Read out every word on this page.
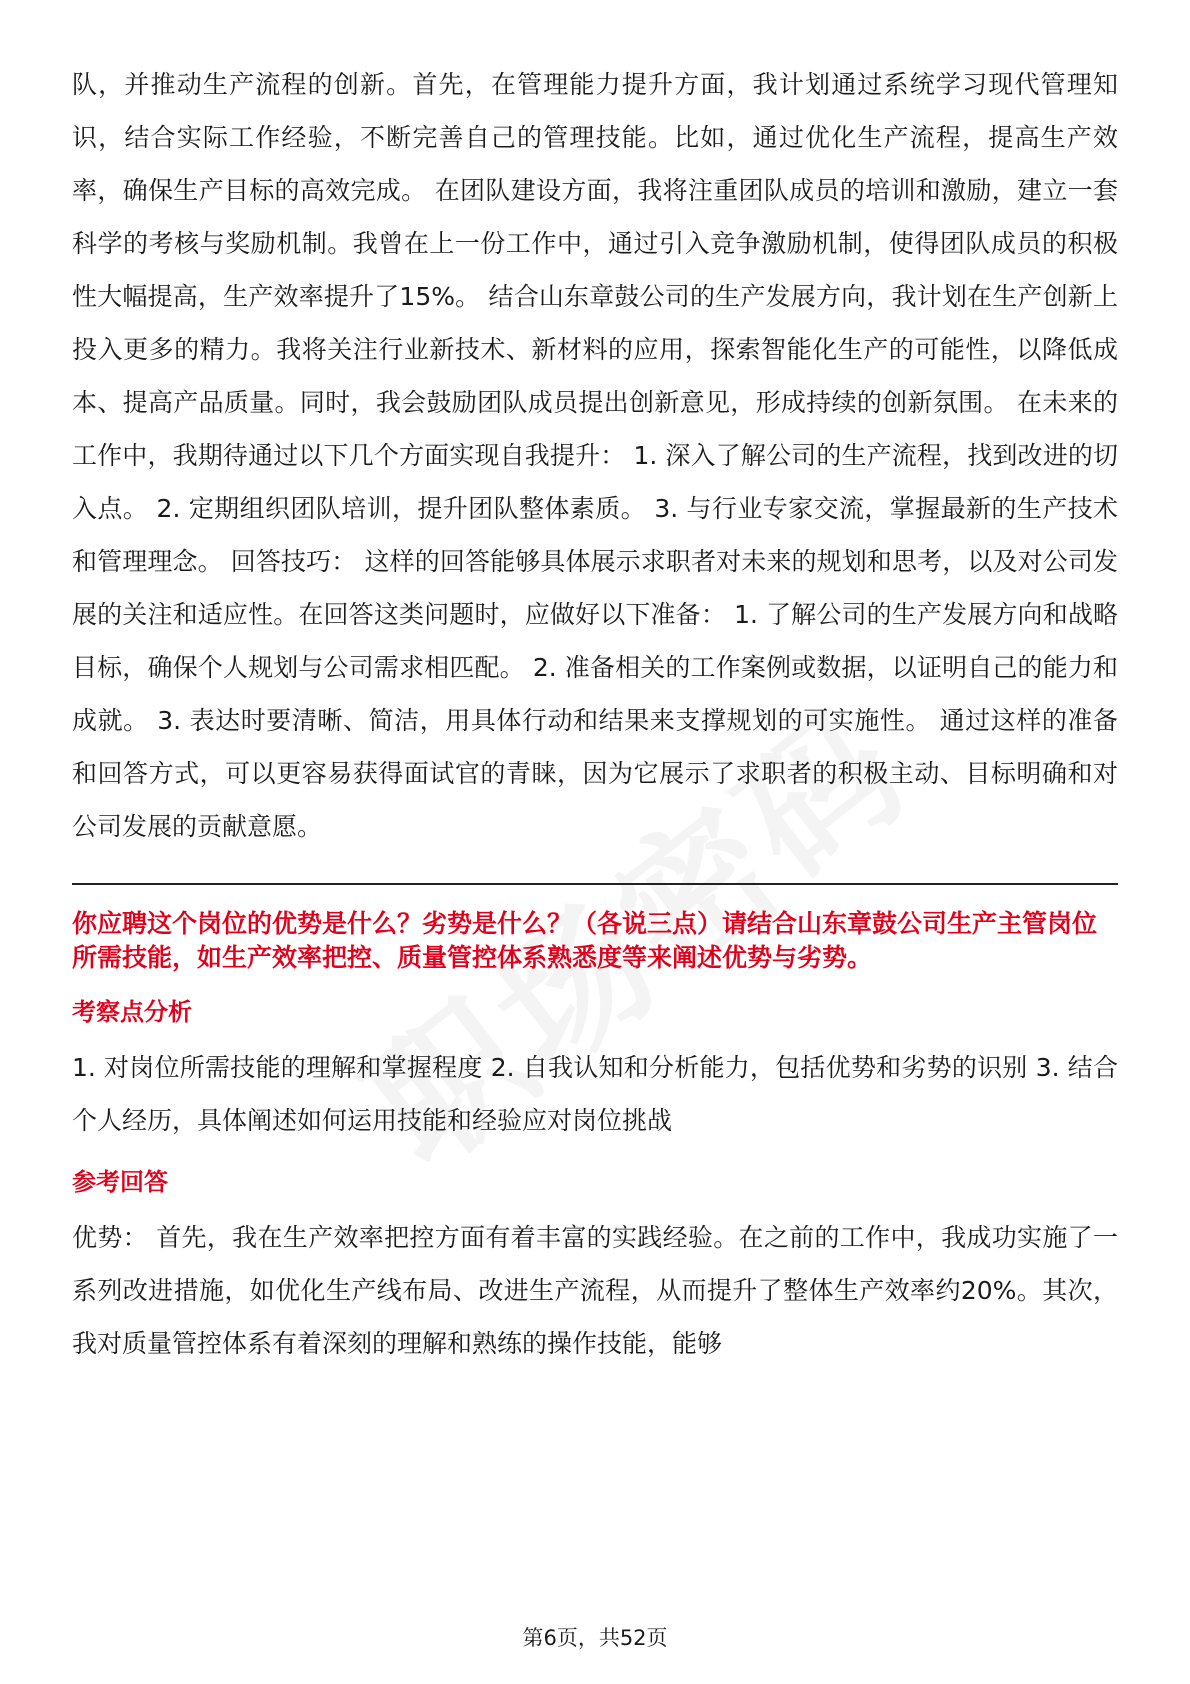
队，并推动生产流程的创新。首先，在管理能力提升方面，我计划通过系统学习现代管理知识，结合实际工作经验，不断完善自己的管理技能。比如，通过优化生产流程，提高生产效率，确保生产目标的高效完成。 在团队建设方面，我将注重团队成员的培训和激励，建立一套科学的考核与奖励机制。我曾在上一份工作中，通过引入竞争激励机制，使得团队成员的积极性大幅提高，生产效率提升了15%。 结合山东章鼓公司的生产发展方向，我计划在生产创新上投入更多的精力。我将关注行业新技术、新材料的应用，探索智能化生产的可能性，以降低成本、提高产品质量。同时，我会鼓励团队成员提出创新意见，形成持续的创新氛围。 在未来的工作中，我期待通过以下几个方面实现自我提升： 1. 深入了解公司的生产流程，找到改进的切入点。 2. 定期组织团队培训，提升团队整体素质。 3. 与行业专家交流，掌握最新的生产技术和管理理念。 回答技巧： 这样的回答能够具体展示求职者对未来的规划和思考，以及对公司发展的关注和适应性。在回答这类问题时，应做好以下准备： 1. 了解公司的生产发展方向和战略目标，确保个人规划与公司需求相匹配。 2. 准备相关的工作案例或数据，以证明自己的能力和成就。 3. 表达时要清晰、简洁，用具体行动和结果来支撑规划的可实施性。 通过这样的准备和回答方式，可以更容易获得面试官的青睐，因为它展示了求职者的积极主动、目标明确和对公司发展的贡献意愿。

你应聘这个岗位的优势是什么？劣势是什么？（各说三点）请结合山东章鼓公司生产主管岗位所需技能，如生产效率把控、质量管控体系熟悉度等来阐述优势与劣势。

考察点分析

1. 对岗位所需技能的理解和掌握程度 2. 自我认知和分析能力，包括优势和劣势的识别 3. 结合个人经历，具体阐述如何运用技能和经验应对岗位挑战

参考回答

优势： 首先，我在生产效率把控方面有着丰富的实践经验。在之前的工作中，我成功实施了一系列改进措施，如优化生产线布局、改进生产流程，从而提升了整体生产效率约20%。其次，我对质量管控体系有着深刻的理解和熟练的操作技能，能够

第6页，共52页
